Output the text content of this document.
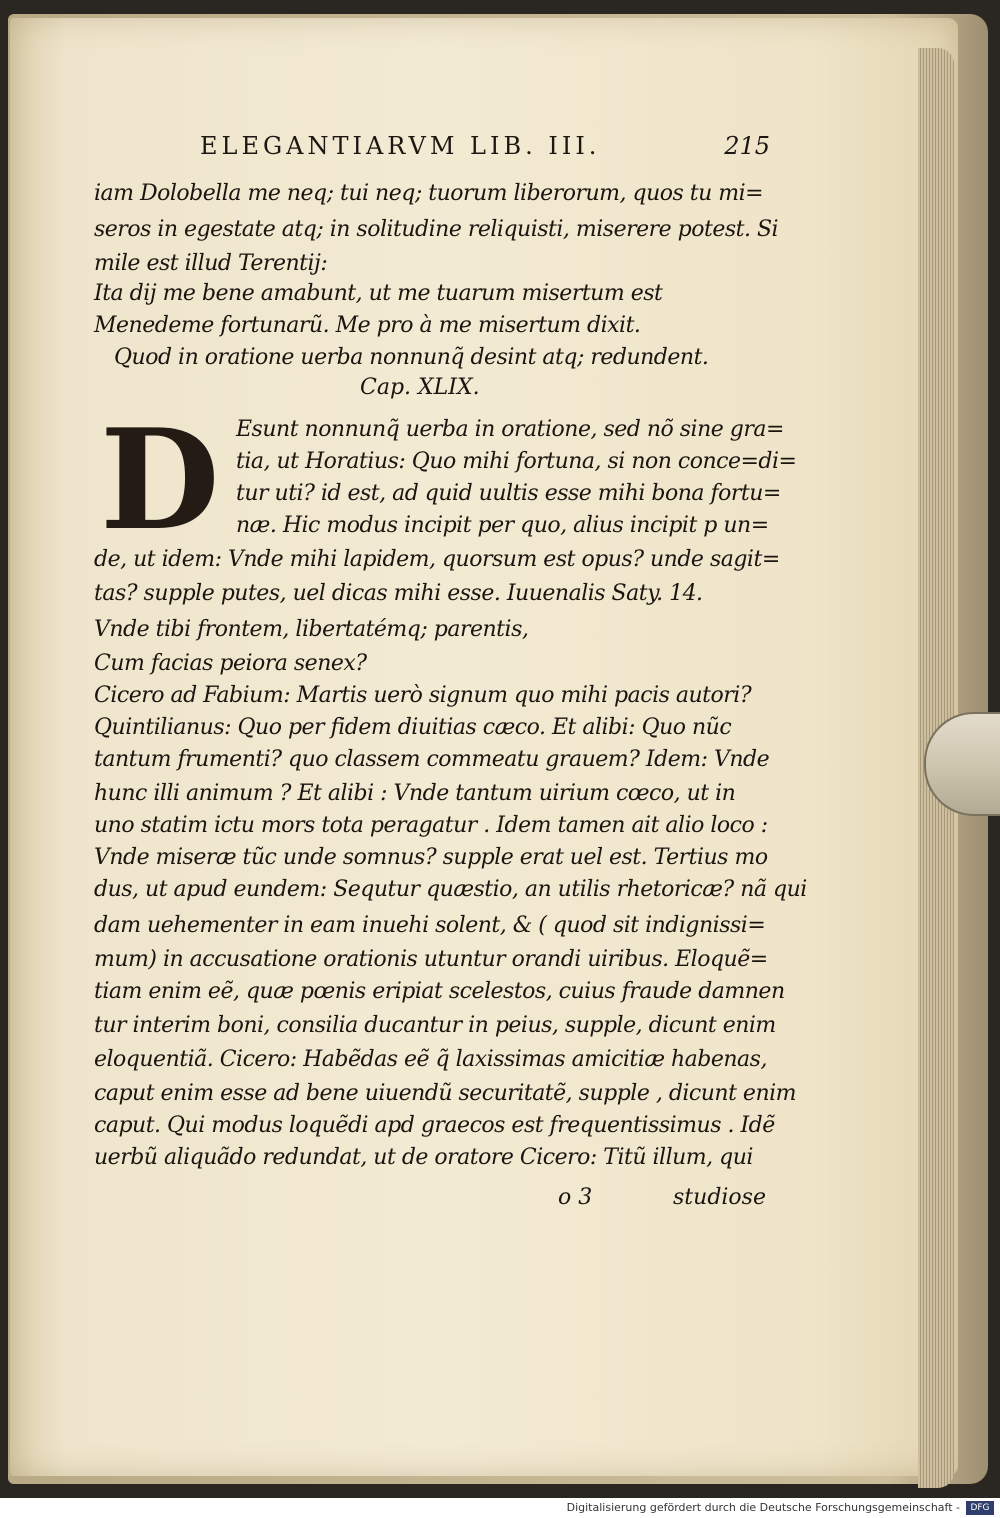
ELEGANTIARVM LIB. III.	215
iam Dolobella me neq; tui neq; tuorum liberorum, quos tu mi=
seros in egestate atq; in solitudine reliquisti, miserere potest. Si
mile est illud Terentij:
Ita dij me bene amabunt, ut me tuarum misertum est
Menedeme fortunarũ. Me pro à me misertum dixit.
Quod in oratione uerba nonnunq̃ desint atq; redundent.
Cap. XLIX.
D Esunt nonnunq̃ uerba in oratione, sed nõ sine gra=
tia, ut Horatius: Quo mihi fortuna, si non conce=di=
tur uti? id est, ad quid uultis esse mihi bona fortu=
næ. Hic modus incipit per quo, alius incipit p un=
de, ut idem: Vnde mihi lapidem, quorsum est opus? unde sagit=
tas? supple putes, uel dicas mihi esse. Iuuenalis Saty. 14.
Vnde tibi frontem, libertatémq; parentis,
Cum facias peiora senex?
Cicero ad Fabium: Martis uerò signum quo mihi pacis autori?
Quintilianus: Quo per fidem diuitias cæco. Et alibi: Quo nũc
tantum frumenti? quo classem commeatu grauem? Idem: Vnde
hunc illi animum ? Et alibi : Vnde tantum uirium cœco, ut in
uno statim ictu mors tota peragatur . Idem tamen ait alio loco :
Vnde miseræ tũc unde somnus? supple erat uel est. Tertius mo
dus, ut apud eundem: Sequtur quæstio, an utilis rhetoricæ? nã qui
dam uehementer in eam inuehi solent, & ( quod sit indignissi=
mum) in accusatione orationis utuntur orandi uiribus. Eloquẽ=
tiam enim eẽ, quæ pœnis eripiat scelestos, cuius fraude damnen
tur interim boni, consilia ducantur in peius, supple, dicunt enim
eloquentiã. Cicero: Habẽdas eẽ q̃ laxissimas amicitiæ habenas,
caput enim esse ad bene uiuendũ securitatẽ, supple , dicunt enim
caput. Qui modus loquẽdi apd graecos est frequentissimus . Idẽ
uerbũ aliquãdo redundat, ut de oratore Cicero: Titũ illum, qui
o 3	studiose
Digitalisierung gefördert durch die Deutsche Forschungsgemeinschaft -	DFG
